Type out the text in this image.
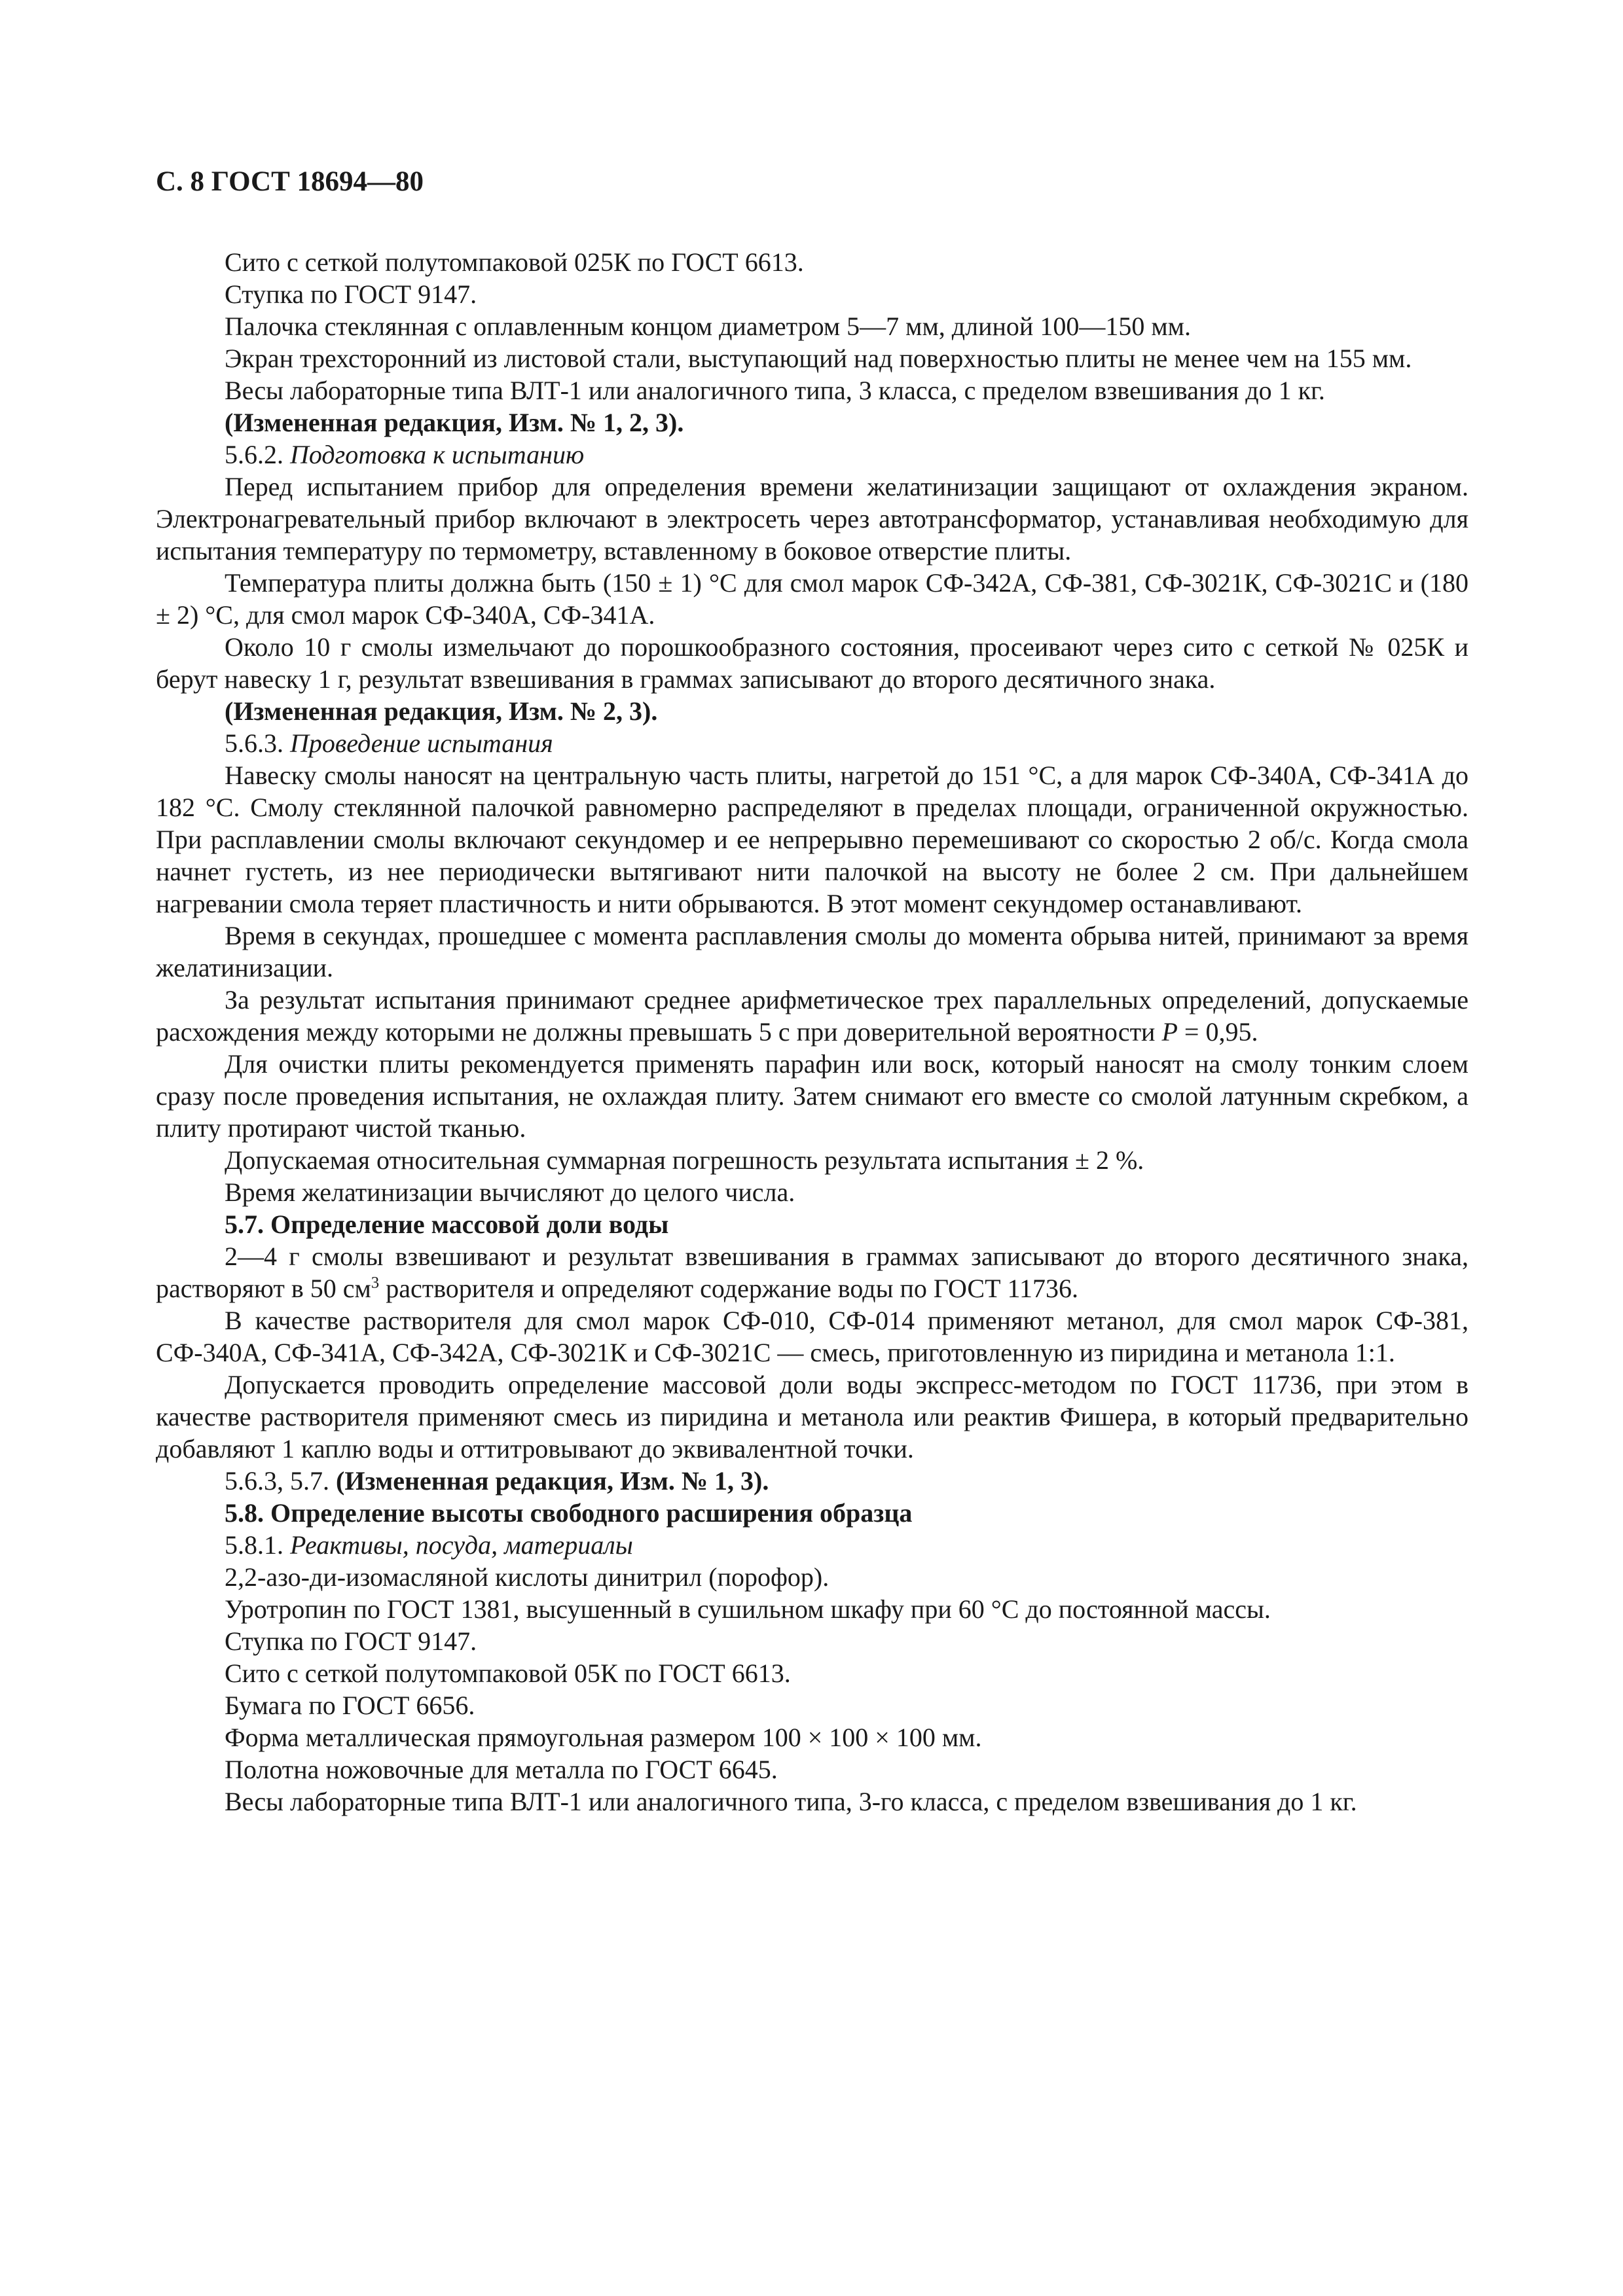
С. 8 ГОСТ 18694—80

Сито с сеткой полутомпаковой 025К по ГОСТ 6613.

Ступка по ГОСТ 9147.

Палочка стеклянная с оплавленным концом диаметром 5—7 мм, длиной 100—150 мм.

Экран трехсторонний из листовой стали, выступающий над поверхностью плиты не менее чем на 155 мм.

Весы лабораторные типа ВЛТ-1 или аналогичного типа, 3 класса, с пределом взвешивания до 1 кг.

(Измененная редакция, Изм. № 1, 2, 3).

5.6.2. Подготовка к испытанию

Перед испытанием прибор для определения времени желатинизации защищают от охлаждения экраном. Электронагревательный прибор включают в электросеть через автотрансформатор, устанавливая необходимую для испытания температуру по термометру, вставленному в боковое отверстие плиты.

Температура плиты должна быть (150 ± 1) °С для смол марок СФ-342А, СФ-381, СФ-3021К, СФ-3021С и (180 ± 2) °С, для смол марок СФ-340А, СФ-341А.

Около 10 г смолы измельчают до порошкообразного состояния, просеивают через сито с сеткой № 025К и берут навеску 1 г, результат взвешивания в граммах записывают до второго десятичного знака.

(Измененная редакция, Изм. № 2, 3).

5.6.3. Проведение испытания

Навеску смолы наносят на центральную часть плиты, нагретой до 151 °С, а для марок СФ-340А, СФ-341А до 182 °С. Смолу стеклянной палочкой равномерно распределяют в пределах площади, ограниченной окружностью. При расплавлении смолы включают секундомер и ее непрерывно перемешивают со скоростью 2 об/с. Когда смола начнет густеть, из нее периодически вытягивают нити палочкой на высоту не более 2 см. При дальнейшем нагревании смола теряет пластичность и нити обрываются. В этот момент секундомер останавливают.

Время в секундах, прошедшее с момента расплавления смолы до момента обрыва нитей, принимают за время желатинизации.

За результат испытания принимают среднее арифметическое трех параллельных определений, допускаемые расхождения между которыми не должны превышать 5 с при доверительной вероятности Р = 0,95.

Для очистки плиты рекомендуется применять парафин или воск, который наносят на смолу тонким слоем сразу после проведения испытания, не охлаждая плиту. Затем снимают его вместе со смолой латунным скребком, а плиту протирают чистой тканью.

Допускаемая относительная суммарная погрешность результата испытания ± 2 %.

Время желатинизации вычисляют до целого числа.

5.7. Определение массовой доли воды

2—4 г смолы взвешивают и результат взвешивания в граммах записывают до второго десятичного знака, растворяют в 50 $см^3$ растворителя и определяют содержание воды по ГОСТ 11736.

В качестве растворителя для смол марок СФ-010, СФ-014 применяют метанол, для смол марок СФ-381, СФ-340А, СФ-341А, СФ-342А, СФ-3021К и СФ-3021С — смесь, приготовленную из пиридина и метанола 1:1.

Допускается проводить определение массовой доли воды экспресс-методом по ГОСТ 11736, при этом в качестве растворителя применяют смесь из пиридина и метанола или реактив Фишера, в который предварительно добавляют 1 каплю воды и оттитровывают до эквивалентной точки.

5.6.3, 5.7. (Измененная редакция, Изм. № 1, 3).

5.8. Определение высоты свободного расширения образца

5.8.1. Реактивы, посуда, материалы

2,2-азо-ди-изомасляной кислоты динитрил (порофор).

Уротропин по ГОСТ 1381, высушенный в сушильном шкафу при 60 °С до постоянной массы.

Ступка по ГОСТ 9147.

Сито с сеткой полутомпаковой 05К по ГОСТ 6613.

Бумага по ГОСТ 6656.

Форма металлическая прямоугольная размером 100 × 100 × 100 мм.

Полотна ножовочные для металла по ГОСТ 6645.

Весы лабораторные типа ВЛТ-1 или аналогичного типа, 3-го класса, с пределом взвешивания до 1 кг.
